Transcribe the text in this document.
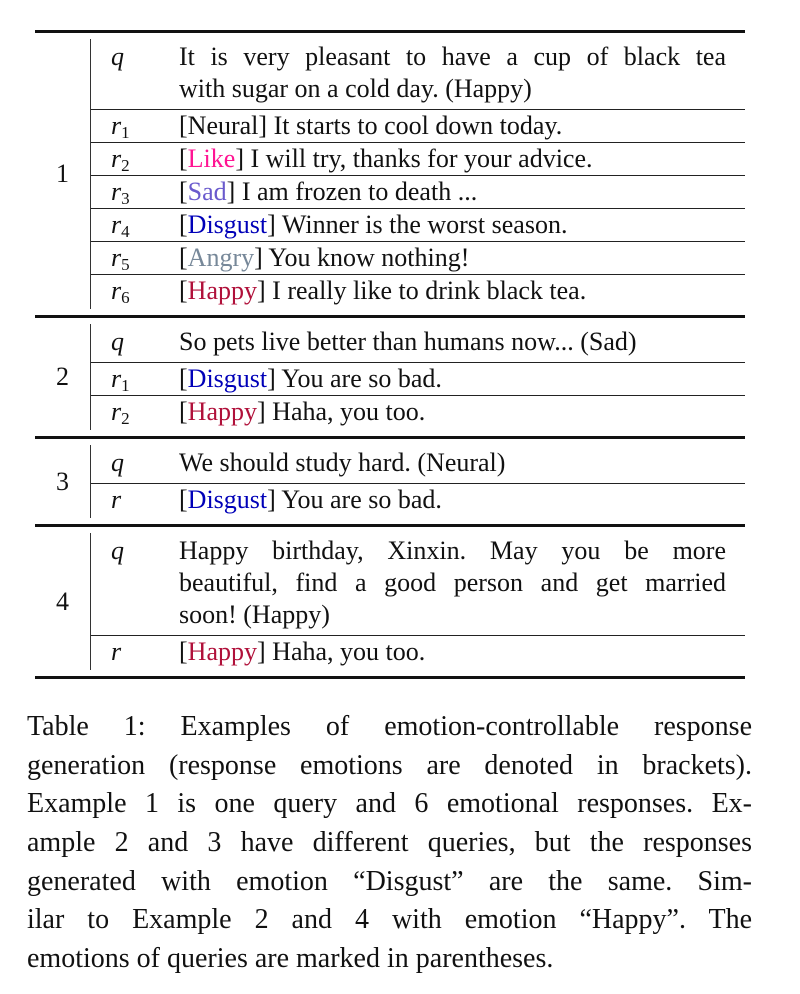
1
q It is very pleasant to have a cup of black tea
with sugar on a cold day. (Happy)
$r_1$ [Neural] It starts to cool down today.
$r_2$ [Like] I will try, thanks for your advice.
$r_3$ [Sad] I am frozen to death ...
$r_4$ [Disgust] Winner is the worst season.
$r_5$ [Angry] You know nothing!
$r_6$ [Happy] I really like to drink black tea.
2
q So pets live better than humans now... (Sad)
$r_1$ [Disgust] You are so bad.
$r_2$ [Happy] Haha, you too.
3
q We should study hard. (Neural)
r [Disgust] You are so bad.
4
q Happy birthday, Xinxin. May you be more
beautiful, find a good person and get married
soon! (Happy)
r [Happy] Haha, you too.
Table 1: Examples of emotion-controllable response
generation (response emotions are denoted in brackets).
Example 1 is one query and 6 emotional responses. Ex-
ample 2 and 3 have different queries, but the responses
generated with emotion “Disgust” are the same. Sim-
ilar to Example 2 and 4 with emotion “Happy”. The
emotions of queries are marked in parentheses.
